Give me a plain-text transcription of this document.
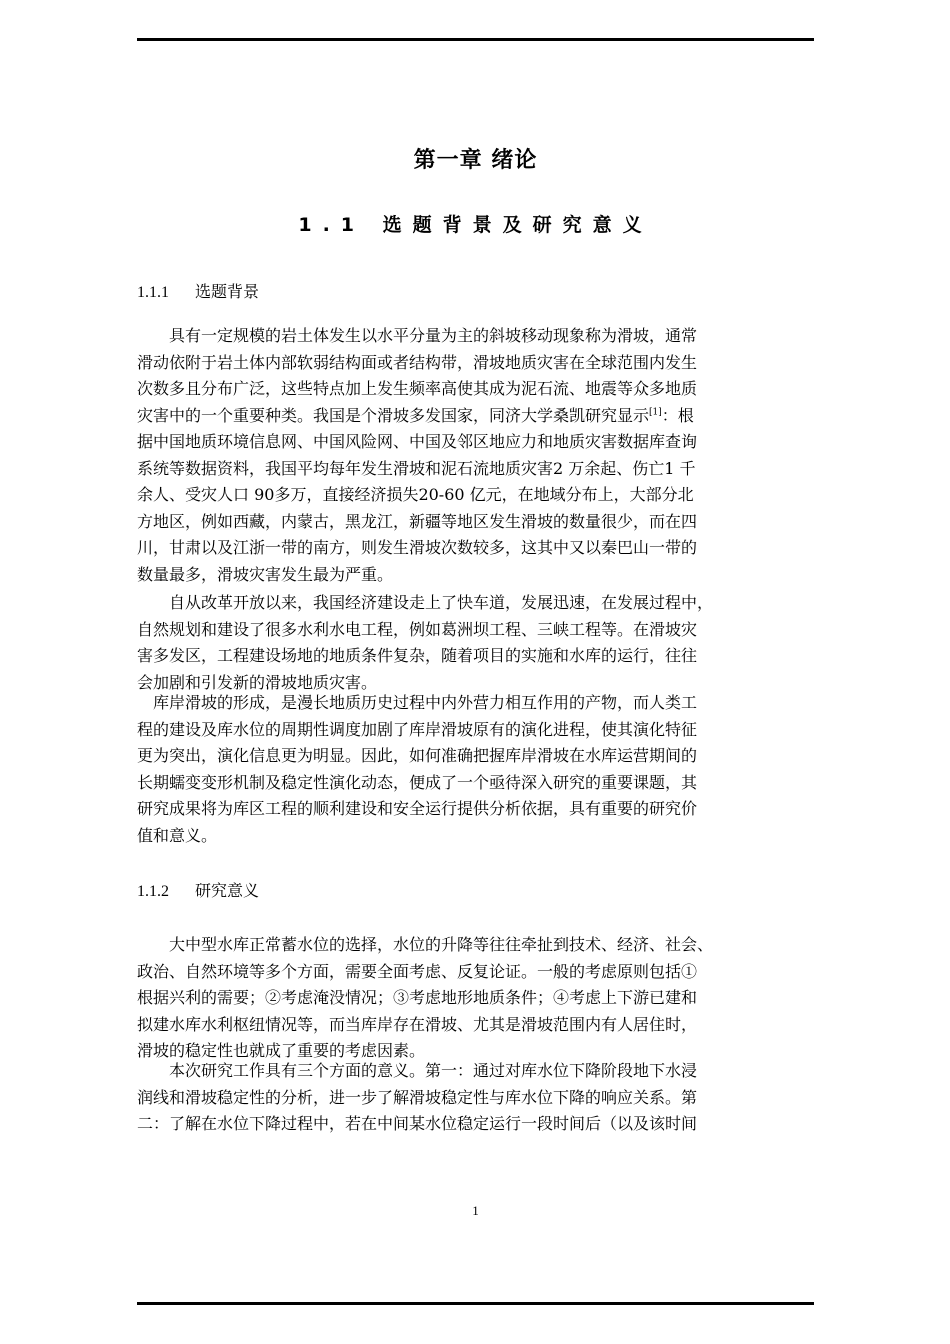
第一章 绪论
1.1 选题背景及研究意义
1.1.1 选题背景
　　具有一定规模的岩土体发生以水平分量为主的斜坡移动现象称为滑坡，通常
滑动依附于岩土体内部软弱结构面或者结构带，滑坡地质灾害在全球范围内发生
次数多且分布广泛，这些特点加上发生频率高使其成为泥石流、地震等众多地质
灾害中的一个重要种类。我国是个滑坡多发国家，同济大学桑凯研究显示[1]：根
据中国地质环境信息网、中国风险网、中国及邻区地应力和地质灾害数据库查询
系统等数据资料，我国平均每年发生滑坡和泥石流地质灾害2 万余起、伤亡1 千
余人、受灾人口 90多万，直接经济损失20-60 亿元，在地域分布上，大部分北
方地区，例如西藏，内蒙古，黑龙江，新疆等地区发生滑坡的数量很少，而在四
川，甘肃以及江浙一带的南方，则发生滑坡次数较多，这其中又以秦巴山一带的
数量最多，滑坡灾害发生最为严重。
　　自从改革开放以来，我国经济建设走上了快车道，发展迅速，在发展过程中，
自然规划和建设了很多水利水电工程，例如葛洲坝工程、三峡工程等。在滑坡灾
害多发区，工程建设场地的地质条件复杂，随着项目的实施和水库的运行，往往
会加剧和引发新的滑坡地质灾害。
　库岸滑坡的形成，是漫长地质历史过程中内外营力相互作用的产物，而人类工
程的建设及库水位的周期性调度加剧了库岸滑坡原有的演化进程，使其演化特征
更为突出，演化信息更为明显。因此，如何准确把握库岸滑坡在水库运营期间的
长期蠕变变形机制及稳定性演化动态，便成了一个亟待深入研究的重要课题，其
研究成果将为库区工程的顺利建设和安全运行提供分析依据，具有重要的研究价
值和意义。
1.1.2 研究意义
　　大中型水库正常蓄水位的选择，水位的升降等往往牵扯到技术、经济、社会、
政治、自然环境等多个方面，需要全面考虑、反复论证。一般的考虑原则包括①
根据兴利的需要；②考虑淹没情况；③考虑地形地质条件；④考虑上下游已建和
拟建水库水利枢纽情况等，而当库岸存在滑坡、尤其是滑坡范围内有人居住时，
滑坡的稳定性也就成了重要的考虑因素。
　　本次研究工作具有三个方面的意义。第一：通过对库水位下降阶段地下水浸
润线和滑坡稳定性的分析，进一步了解滑坡稳定性与库水位下降的响应关系。第
二：了解在水位下降过程中，若在中间某水位稳定运行一段时间后（以及该时间
1
